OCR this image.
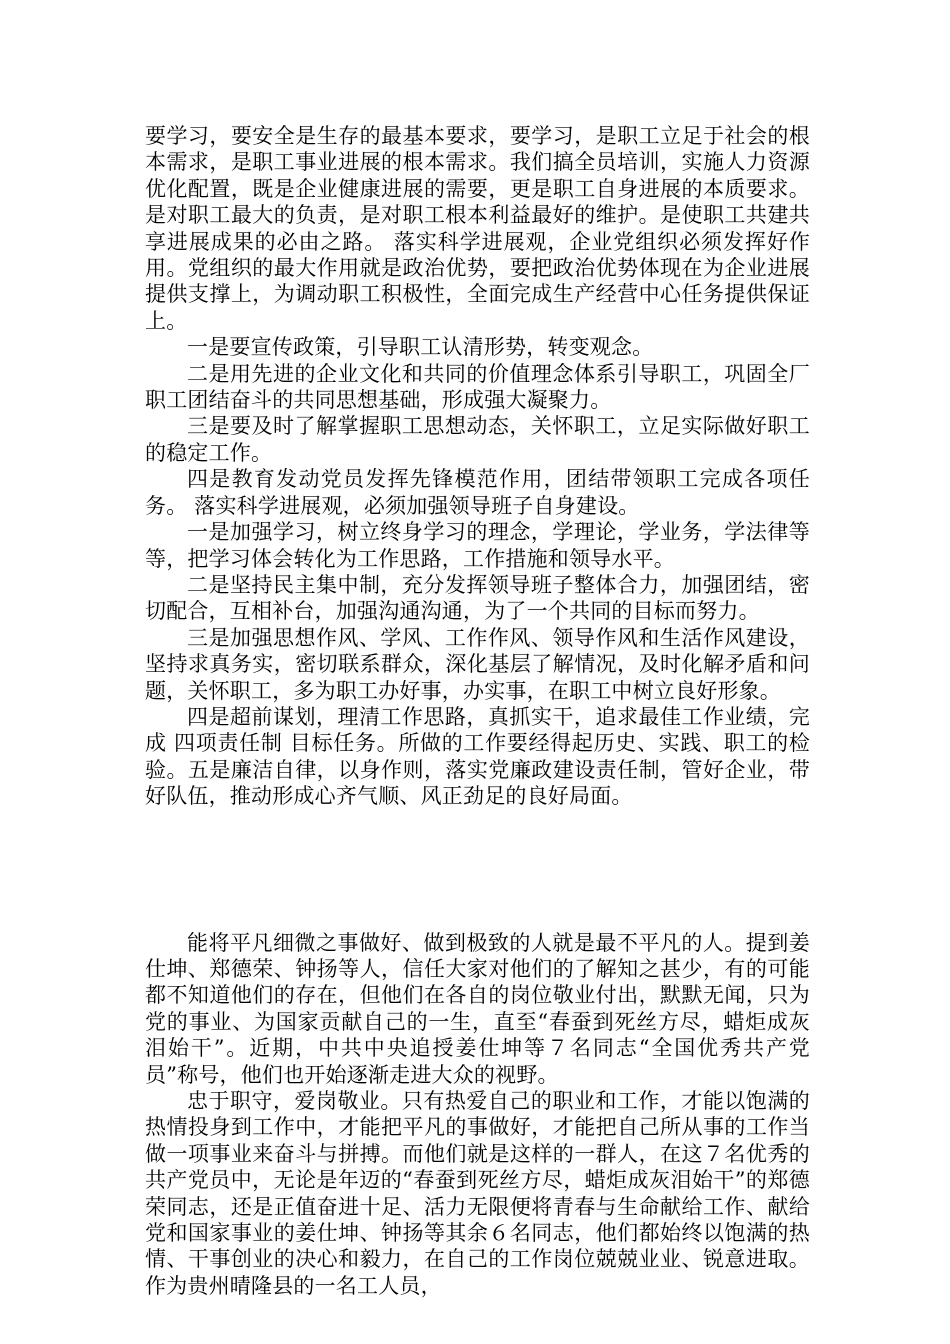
要学习，要安全是生存的最基本要求，要学习，是职工立足于社会的根本需求，是职工事业进展的根本需求。我们搞全员培训，实施人力资源优化配置，既是企业健康进展的需要，更是职工自身进展的本质要求。是对职工最大的负责，是对职工根本利益最好的维护。是使职工共建共享进展成果的必由之路。 落实科学进展观，企业党组织必须发挥好作用。党组织的最大作用就是政治优势，要把政治优势体现在为企业进展提供支撑上，为调动职工积极性，全面完成生产经营中心任务提供保证上。

一是要宣传政策，引导职工认清形势，转变观念。

二是用先进的企业文化和共同的价值理念体系引导职工，巩固全厂职工团结奋斗的共同思想基础，形成强大凝聚力。

三是要及时了解掌握职工思想动态，关怀职工，立足实际做好职工的稳定工作。

四是教育发动党员发挥先锋模范作用，团结带领职工完成各项任务。 落实科学进展观，必须加强领导班子自身建设。

一是加强学习，树立终身学习的理念，学理论，学业务，学法律等等，把学习体会转化为工作思路，工作措施和领导水平。

二是坚持民主集中制，充分发挥领导班子整体合力，加强团结，密切配合，互相补台，加强沟通沟通，为了一个共同的目标而努力。

三是加强思想作风、学风、工作作风、领导作风和生活作风建设，坚持求真务实，密切联系群众，深化基层了解情况，及时化解矛盾和问题，关怀职工，多为职工办好事，办实事，在职工中树立良好形象。

四是超前谋划，理清工作思路，真抓实干，追求最佳工作业绩，完成 四项责任制 目标任务。所做的工作要经得起历史、实践、职工的检验。五是廉洁自律，以身作则，落实党廉政建设责任制，管好企业，带好队伍，推动形成心齐气顺、风正劲足的良好局面。

能将平凡细微之事做好、做到极致的人就是最不平凡的人。提到姜仕坤、郑德荣、钟扬等人，信任大家对他们的了解知之甚少，有的可能都不知道他们的存在，但他们在各自的岗位敬业付出，默默无闻，只为党的事业、为国家贡献自己的一生，直至“春蚕到死丝方尽，蜡炬成灰泪始干”。近期，中共中央追授姜仕坤等７名同志“全国优秀共产党员”称号，他们也开始逐渐走进大众的视野。

忠于职守，爱岗敬业。只有热爱自己的职业和工作，才能以饱满的热情投身到工作中，才能把平凡的事做好，才能把自己所从事的工作当做一项事业来奋斗与拼搏。而他们就是这样的一群人，在这７名优秀的共产党员中，无论是年迈的“春蚕到死丝方尽，蜡炬成灰泪始干”的郑德荣同志，还是正值奋进十足、活力无限便将青春与生命献给工作、献给党和国家事业的姜仕坤、钟扬等其余６名同志，他们都始终以饱满的热情、干事创业的决心和毅力，在自己的工作岗位兢兢业业、锐意进取。作为贵州晴隆县的一名工人员，
